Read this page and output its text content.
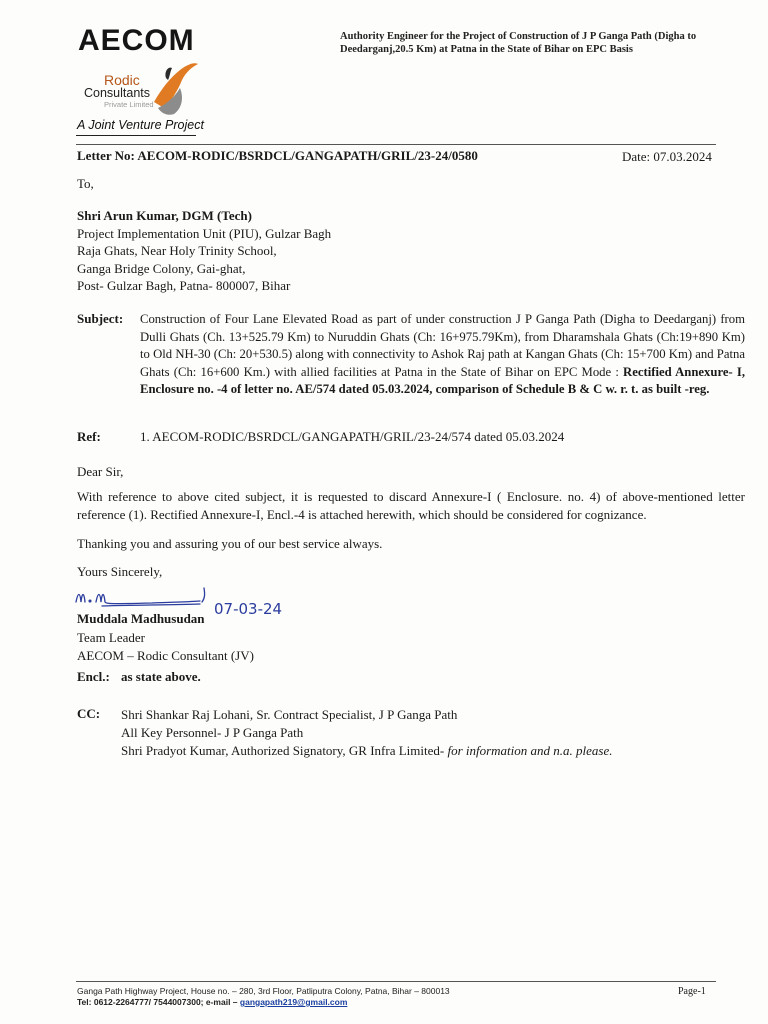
AECOM
Rodic
Consultants
Private Limited
A Joint Venture Project
Authority Engineer for the Project of Construction of J P Ganga Path (Digha to Deedarganj,20.5 Km) at Patna in the State of Bihar on EPC Basis
Letter No: AECOM-RODIC/BSRDCL/GANGAPATH/GRIL/23-24/0580	Date: 07.03.2024
To,
Shri Arun Kumar, DGM (Tech)
Project Implementation Unit (PIU), Gulzar Bagh
Raja Ghats, Near Holy Trinity School,
Ganga Bridge Colony, Gai-ghat,
Post- Gulzar Bagh, Patna- 800007, Bihar
Subject: Construction of Four Lane Elevated Road as part of under construction J P Ganga Path (Digha to Deedarganj) from Dulli Ghats (Ch. 13+525.79 Km) to Nuruddin Ghats (Ch: 16+975.79Km), from Dharamshala Ghats (Ch:19+890 Km) to Old NH-30 (Ch: 20+530.5) along with connectivity to Ashok Raj path at Kangan Ghats (Ch: 15+700 Km) and Patna Ghats (Ch: 16+600 Km.) with allied facilities at Patna in the State of Bihar on EPC Mode : Rectified Annexure- I, Enclosure no. -4 of letter no. AE/574 dated 05.03.2024, comparison of Schedule B & C w. r. t. as built -reg.
Ref:	1. AECOM-RODIC/BSRDCL/GANGAPATH/GRIL/23-24/574 dated 05.03.2024
Dear Sir,
With reference to above cited subject, it is requested to discard Annexure-I ( Enclosure. no. 4) of above-mentioned letter reference (1). Rectified Annexure-I, Encl.-4 is attached herewith, which should be considered for cognizance.
Thanking you and assuring you of our best service always.
Yours Sincerely,
07-03-24
Muddala Madhusudan
Team Leader
AECOM – Rodic Consultant (JV)
Encl.: as state above.
CC: Shri Shankar Raj Lohani, Sr. Contract Specialist, J P Ganga Path
All Key Personnel- J P Ganga Path
Shri Pradyot Kumar, Authorized Signatory, GR Infra Limited- for information and n.a. please.
Ganga Path Highway Project, House no. – 280, 3rd Floor, Patliputra Colony, Patna, Bihar – 800013
Tel: 0612-2264777/ 7544007300; e-mail – gangapath219@gmail.com
Page-1
